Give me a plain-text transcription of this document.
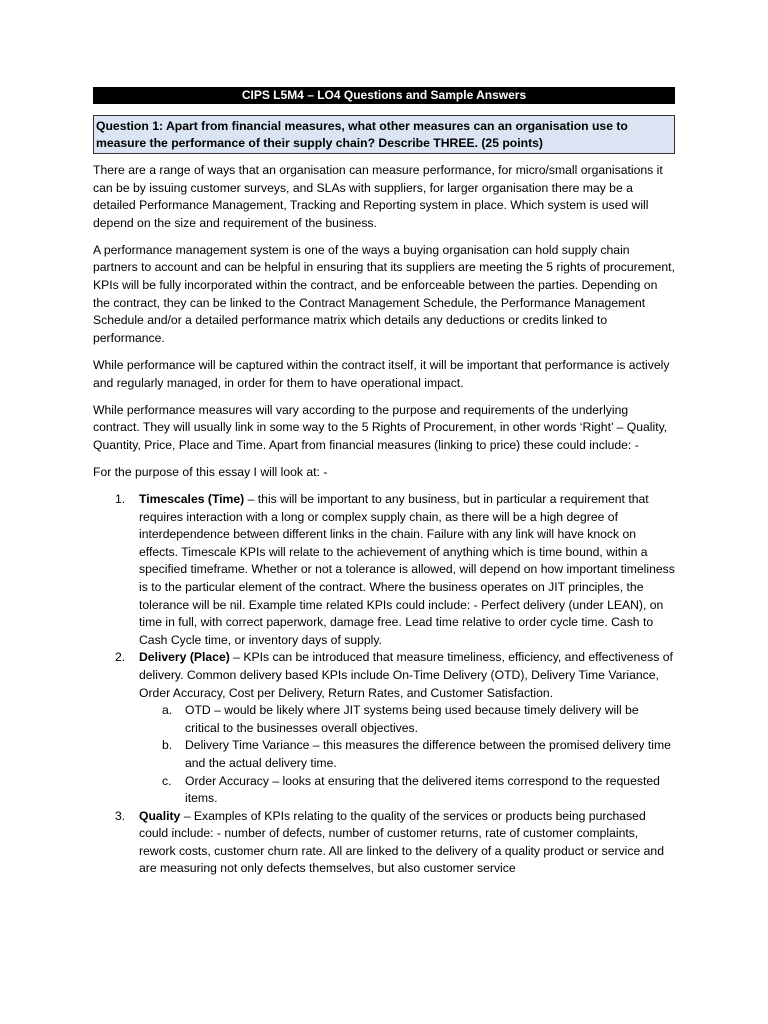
CIPS L5M4 – LO4 Questions and Sample Answers
Question 1: Apart from financial measures, what other measures can an organisation use to measure the performance of their supply chain? Describe THREE. (25 points)

There are a range of ways that an organisation can measure performance, for micro/small organisations it can be by issuing customer surveys, and SLAs with suppliers, for larger organisation there may be a detailed Performance Management, Tracking and Reporting system in place. Which system is used will depend on the size and requirement of the business.

A performance management system is one of the ways a buying organisation can hold supply chain partners to account and can be helpful in ensuring that its suppliers are meeting the 5 rights of procurement, KPIs will be fully incorporated within the contract, and be enforceable between the parties. Depending on the contract, they can be linked to the Contract Management Schedule, the Performance Management Schedule and/or a detailed performance matrix which details any deductions or credits linked to performance.

While performance will be captured within the contract itself, it will be important that performance is actively and regularly managed, in order for them to have operational impact.

While performance measures will vary according to the purpose and requirements of the underlying contract. They will usually link in some way to the 5 Rights of Procurement, in other words ‘Right’ – Quality, Quantity, Price, Place and Time. Apart from financial measures (linking to price) these could include: -

For the purpose of this essay I will look at: -

1. Timescales (Time) – this will be important to any business, but in particular a requirement that requires interaction with a long or complex supply chain, as there will be a high degree of interdependence between different links in the chain. Failure with any link will have knock on effects. Timescale KPIs will relate to the achievement of anything which is time bound, within a specified timeframe. Whether or not a tolerance is allowed, will depend on how important timeliness is to the particular element of the contract. Where the business operates on JIT principles, the tolerance will be nil. Example time related KPIs could include: - Perfect delivery (under LEAN), on time in full, with correct paperwork, damage free. Lead time relative to order cycle time. Cash to Cash Cycle time, or inventory days of supply.
2. Delivery (Place) – KPIs can be introduced that measure timeliness, efficiency, and effectiveness of delivery. Common delivery based KPIs include On-Time Delivery (OTD), Delivery Time Variance, Order Accuracy, Cost per Delivery, Return Rates, and Customer Satisfaction.
a. OTD – would be likely where JIT systems being used because timely delivery will be critical to the businesses overall objectives.
b. Delivery Time Variance – this measures the difference between the promised delivery time and the actual delivery time.
c. Order Accuracy – looks at ensuring that the delivered items correspond to the requested items.
3. Quality – Examples of KPIs relating to the quality of the services or products being purchased could include: - number of defects, number of customer returns, rate of customer complaints, rework costs, customer churn rate. All are linked to the delivery of a quality product or service and are measuring not only defects themselves, but also customer service
